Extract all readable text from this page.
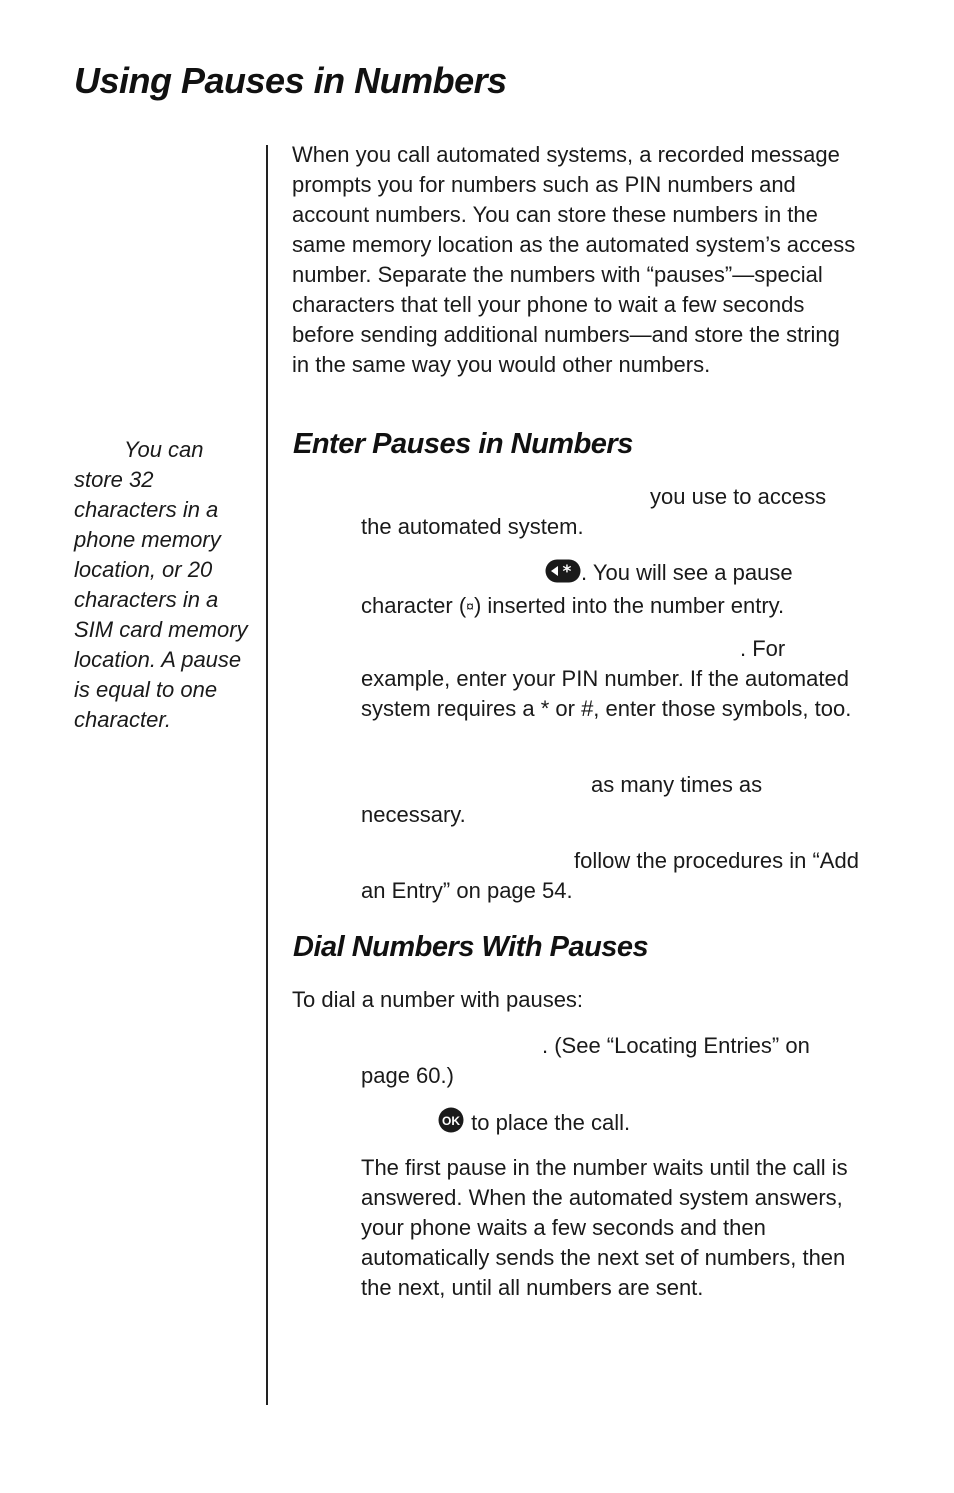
Using Pauses in Numbers

You can store 32 characters in a phone memory location, or 20 characters in a SIM card memory location. A pause is equal to one character.

When you call automated systems, a recorded message prompts you for numbers such as PIN numbers and account numbers. You can store these numbers in the same memory location as the automated system’s access number. Separate the numbers with “pauses”—special characters that tell your phone to wait a few seconds before sending additional numbers—and store the string in the same way you would other numbers.

Enter Pauses in Numbers

you use to access the automated system.

* . You will see a pause character (¤) inserted into the number entry.

. For example, enter your PIN number. If the automated system requires a * or #, enter those symbols, too.

as many times as necessary.

follow the procedures in “Add an Entry” on page 54.

Dial Numbers With Pauses

To dial a number with pauses:

. (See “Locating Entries” on page 60.)

OK to place the call.

The first pause in the number waits until the call is answered. When the automated system answers, your phone waits a few seconds and then automatically sends the next set of numbers, then the next, until all numbers are sent.
